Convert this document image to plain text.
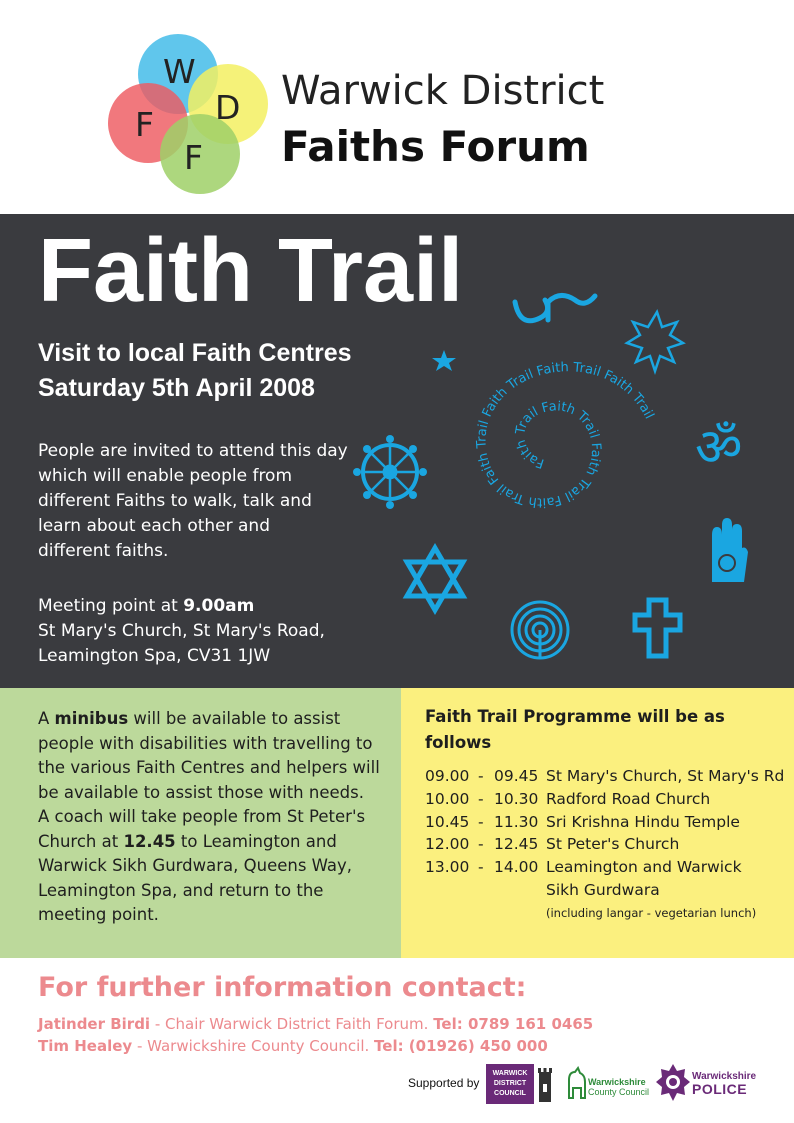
W
D
F
F
Warwick District
Faiths Forum
Faith Trail
Visit to local Faith Centres
Saturday 5th April 2008
People are invited to attend this day
which will enable people from
different Faiths to walk, talk and
learn about each other and
different faiths.
Meeting point at 9.00am
St Mary's Church, St Mary's Road,
Leamington Spa, CV31 1JW
Faith Trail Faith Trail Faith Trail Faith Trail Faith Trail Faith Trail Faith Trail Faith Trail
ॐ
A minibus will be available to assist
people with disabilities with travelling to
the various Faith Centres and helpers will
be available to assist those with needs.
A coach will take people from St Peter's
Church at 12.45 to Leamington and
Warwick Sikh Gurdwara, Queens Way,
Leamington Spa, and return to the
meeting point.
Faith Trail Programme will be as
follows
09.00 - 09.45 St Mary's Church, St Mary's Rd
10.00 - 10.30 Radford Road Church
10.45 - 11.30 Sri Krishna Hindu Temple
12.00 - 12.45 St Peter's Church
13.00 - 14.00 Leamington and Warwick
Sikh Gurdwara
(including langar - vegetarian lunch)
For further information contact:
Jatinder Birdi - Chair Warwick District Faith Forum. Tel: 0789 161 0465
Tim Healey - Warwickshire County Council. Tel: (01926) 450 000
Supported by
WARWICK
DISTRICT
COUNCIL
Warwickshire
County Council
Warwickshire
POLICE
